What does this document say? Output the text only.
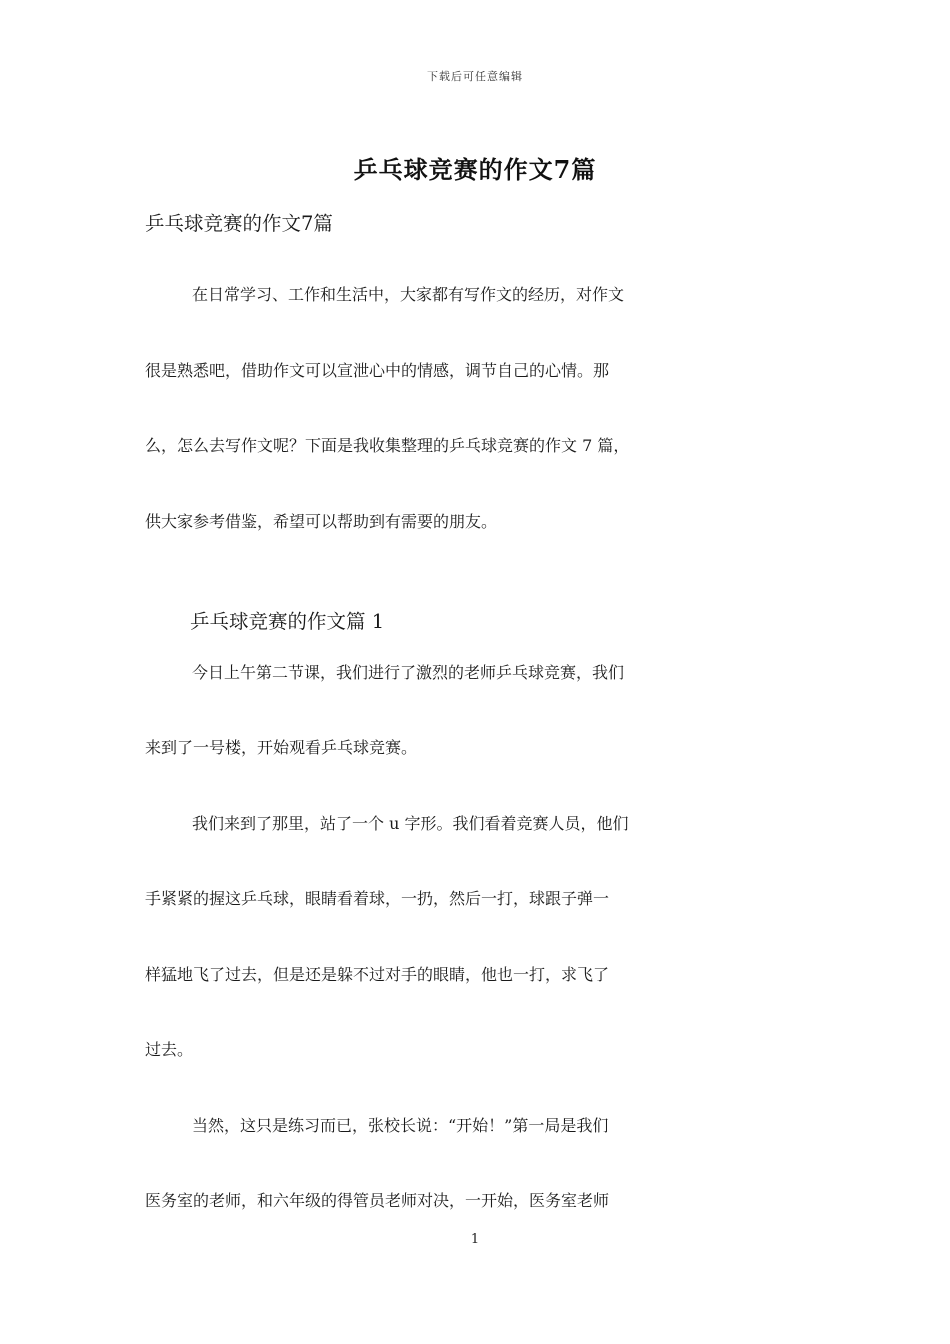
下载后可任意编辑
乒乓球竞赛的作文7篇

乒乓球竞赛的作文7篇

在日常学习、工作和生活中，大家都有写作文的经历，对作文
很是熟悉吧，借助作文可以宣泄心中的情感，调节自己的心情。那
么，怎么去写作文呢？下面是我收集整理的乒乓球竞赛的作文 7 篇，
供大家参考借鉴，希望可以帮助到有需要的朋友。

乒乓球竞赛的作文篇 1

今日上午第二节课，我们进行了激烈的老师乒乓球竞赛，我们
来到了一号楼，开始观看乒乓球竞赛。
我们来到了那里，站了一个 u 字形。我们看着竞赛人员，他们
手紧紧的握这乒乓球，眼睛看着球，一扔，然后一打，球跟子弹一
样猛地飞了过去，但是还是躲不过对手的眼睛，他也一打，求飞了
过去。
当然，这只是练习而已，张校长说：“开始！”第一局是我们
医务室的老师，和六年级的得管员老师对决，一开始，医务室老师
1
